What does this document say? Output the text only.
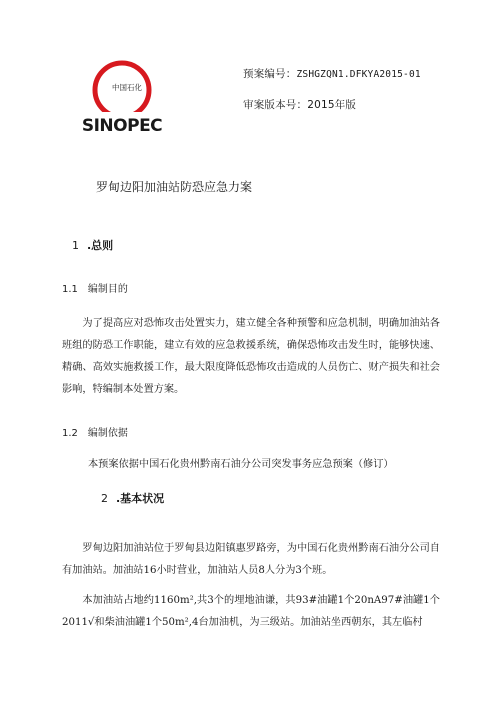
中国石化
SINOPEC
预案编号：ZSHGZQN1.DFKYA2015-01
审案版本号：2015年版
罗甸边阳加油站防恐应急力案
1 .总则
1.1 编制目的
为了提高应对恐怖攻击处置实力，建立健全各种预警和应急机制，明确加油站各班组的防恐工作职能，建立有效的应急救援系统，确保恐怖攻击发生时，能够快速、精确、高效实施救援工作，最大限度降低恐怖攻击造成的人员伤亡、财产损失和社会影响，特编制本处置方案。
1.2 编制依据
本预案依据中国石化贵州黔南石油分公司突发事务应急预案（修订）
2 .基本状况
罗甸边阳加油站位于罗甸县边阳镇惠罗路旁，为中国石化贵州黔南石油分公司自有加油站。加油站16小时营业，加油站人员8人分为3个班。
本加油站占地约1160m²,共3个的埋地油谦，共93#油罐1个20nA97#油罐1个2011√和柴油油罐1个50m²,4台加油机，为三级站。加油站坐西朝东，其左临村
